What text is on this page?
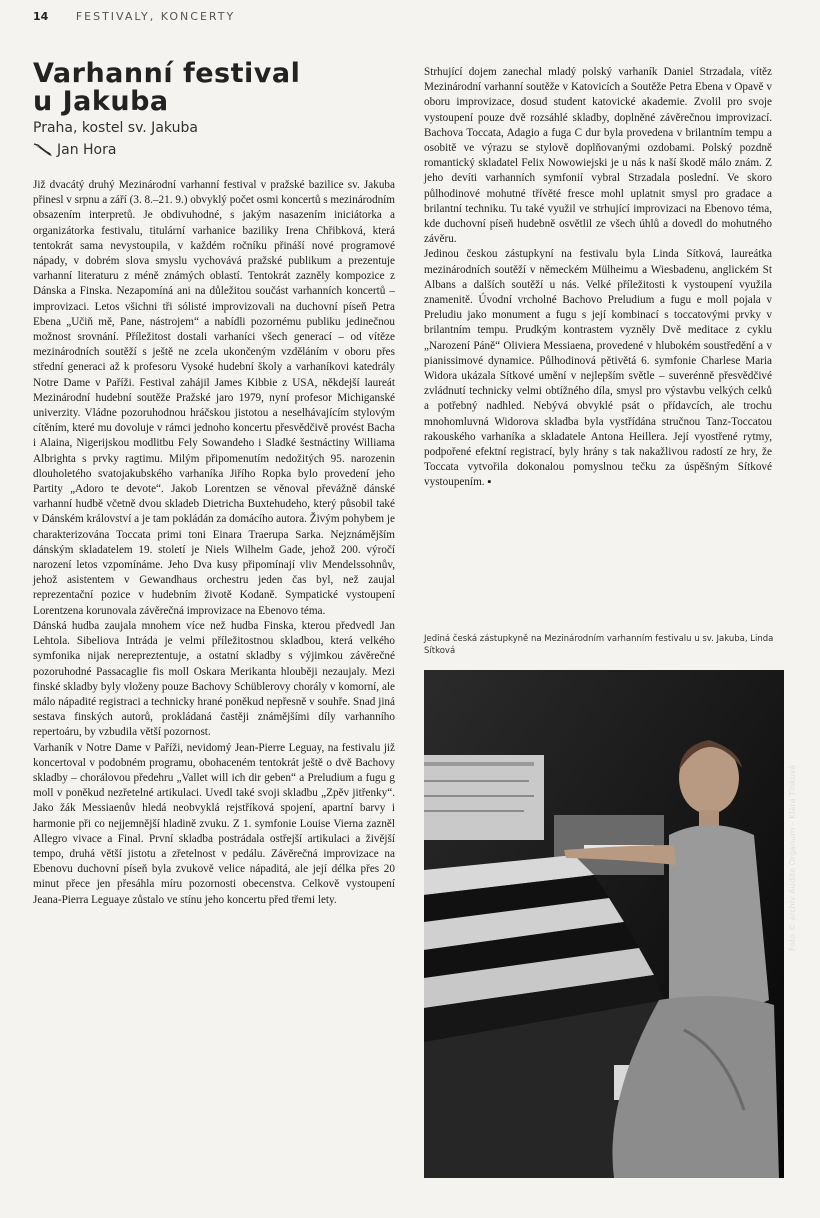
14	FESTIVALY, KONCERTY
Varhanní festival
u Jakuba
Praha, kostel sv. Jakuba
Jan Hora

Již dvacátý druhý Mezinárodní varhanní festival v pražské bazilice sv. Jakuba přinesl v srpnu a září (3. 8.–21. 9.) obvyklý počet osmi koncertů s mezinárodním obsazením interpretů. Je obdivuhodné, s jakým nasazením iniciátorka a organizátorka festivalu, titulární varhanice baziliky Irena Chřibková, která tentokrát sama nevystoupila, v každém ročníku přináší nové programové nápady, v dobrém slova smyslu vychovává pražské publikum a prezentuje varhanní literaturu z méně známých oblastí. Tentokrát zazněly kompozice z Dánska a Finska. Nezapomíná ani na důležitou součást varhanních koncertů – improvizaci. Letos všichni tři sólisté improvizovali na duchovní píseň Petra Ebena „Učiň mě, Pane, nástrojem“ a nabídli pozornému publiku jedinečnou možnost srovnání. Příležitost dostali varhaníci všech generací – od vítěze mezinárodních soutěží s ještě ne zcela ukončeným vzděláním v oboru přes střední generaci až k profesoru Vysoké hudební školy a varhaníkovi katedrály Notre Dame v Paříži. Festival zahájil James Kibbie z USA, někdejší laureát Mezinárodní hudební soutěže Pražské jaro 1979, nyní profesor Michiganské univerzity. Vládne pozoruhodnou hráčskou jistotou a neselhávajícím stylovým cítěním, které mu dovoluje v rámci jednoho koncertu přesvědčivě provést Bacha i Alaina, Nigerijskou modlitbu Fely Sowandeho i Sladké šestnáctiny Williama Albrighta s prvky ragtimu. Milým připomenutím nedožitých 95. narozenin dlouholetého svatojakubského varhaníka Jiřího Ropka bylo provedení jeho Partity „Adoro te devote“. Jakob Lorentzen se věnoval převážně dánské varhanní hudbě včetně dvou skladeb Dietricha Buxtehudeho, který působil také v Dánském království a je tam pokládán za domácího autora. Živým pohybem je charakterizována Toccata primi toni Einara Traerupa Sarka. Nejznámějším dánským skladatelem 19. století je Niels Wilhelm Gade, jehož 200. výročí narození letos vzpomínáme. Jeho Dva kusy připomínají vliv Mendelssohnův, jehož asistentem v Gewandhaus orchestru jeden čas byl, než zaujal reprezentační pozice v hudebním životě Kodaně. Sympatické vystoupení Lorentzena korunovala závěrečná improvizace na Ebenovo téma.

Dánská hudba zaujala mnohem více než hudba Finska, kterou předvedl Jan Lehtola. Sibeliova Intráda je velmi příležitostnou skladbou, která velkého symfonika nijak nerepreztentuje, a ostatní skladby s výjimkou závěrečné pozoruhodné Passacaglie fis moll Oskara Merikanta hlouběji nezaujaly. Mezi finské skladby byly vloženy pouze Bachovy Schüblerovy chorály v komorní, ale málo nápadité registraci a technicky hrané poněkud nepřesně v souhře. Snad jiná sestava finských autorů, prokládaná častěji známějšími díly varhanního repertoáru, by vzbudila větší pozornost.

Varhaník v Notre Dame v Paříži, nevidomý Jean-Pierre Leguay, na festivalu již koncertoval v podobném programu, obohaceném tentokrát ještě o dvě Bachovy skladby – chorálovou předehru „Vallet will ich dir geben“ a Preludium a fugu g moll v poněkud nezřetelné artikulaci. Uvedl také svoji skladbu „Zpěv jitřenky“. Jako žák Messiaenův hledá neobvyklá rejstříková spojení, apartní barvy i harmonie při co nejjemnější hladině zvuku. Z 1. symfonie Louise Vierna zazněl Allegro vivace a Final. První skladba postrádala ostřejší artikulaci a živější tempo, druhá větší jistotu a zřetelnost v pedálu. Závěrečná improvizace na Ebenovu duchovní píseň byla zvukově velice nápaditá, ale její délka přes 20 minut přece jen přesáhla míru pozornosti obecenstva. Celkově vystoupení Jeana-Pierra Leguaye zůstalo ve stínu jeho koncertu před třemi lety.

Strhující dojem zanechal mladý polský varhaník Daniel Strzadala, vítěz Mezinárodní varhanní soutěže v Katovicích a Soutěže Petra Ebena v Opavě v oboru improvizace, dosud student katovické akademie. Zvolil pro svoje vystoupení pouze dvě rozsáhlé skladby, doplněné závěrečnou improvizací. Bachova Toccata, Adagio a fuga C dur byla provedena v brilantním tempu a osobitě ve výrazu se stylově doplňovanými ozdobami. Polský pozdně romantický skladatel Felix Nowowiejski je u nás k naší škodě málo znám. Z jeho devíti varhanních symfonií vybral Strzadala poslední. Ve skoro půlhodinové mohutné třívěté fresce mohl uplatnit smysl pro gradace a brilantní techniku. Tu také využil ve strhující improvizaci na Ebenovo téma, kde duchovní píseň hudebně osvětlil ze všech úhlů a dovedl do mohutného závěru.

Jedinou českou zástupkyní na festivalu byla Linda Sítková, laureátka mezinárodních soutěží v německém Mülheimu a Wiesbadenu, anglickém St Albans a dalších soutěží u nás. Velké příležitosti k vystoupení využila znamenitě. Úvodní vrcholné Bachovo Preludium a fugu e moll pojala v Preludiu jako monument a fugu s její kombinací s toccatovými prvky v brilantním tempu. Prudkým kontrastem vyzněly Dvě meditace z cyklu „Narození Páně“ Oliviera Messiaena, provedené v hlubokém soustředění a v pianissimové dynamice. Půlhodinová pětivětá 6. symfonie Charlese Maria Widora ukázala Sítkové umění v nejlepším světle – suverénně přesvědčivé zvládnutí technicky velmi obtížného díla, smysl pro výstavbu velkých celků a potřebný nadhled. Nebývá obvyklé psát o přídavcích, ale trochu mnohomluvná Widorova skladba byla vystřídána stručnou Tanz-Toccatou rakouského varhaníka a skladatele Antona Heillera. Její vyostřené rytmy, podpořené efektní registrací, byly hrány s tak nakažlivou radostí ze hry, že Toccata vytvořila dokonalou pomyslnou tečku za úspěšným Sítkové vystoupením. ▪

Jediná česká zástupkyně na Mezinárodním varhanním festivalu u sv. Jakuba, Linda Sítková
Foto © archiv Audite Organum – Klára Tinková
